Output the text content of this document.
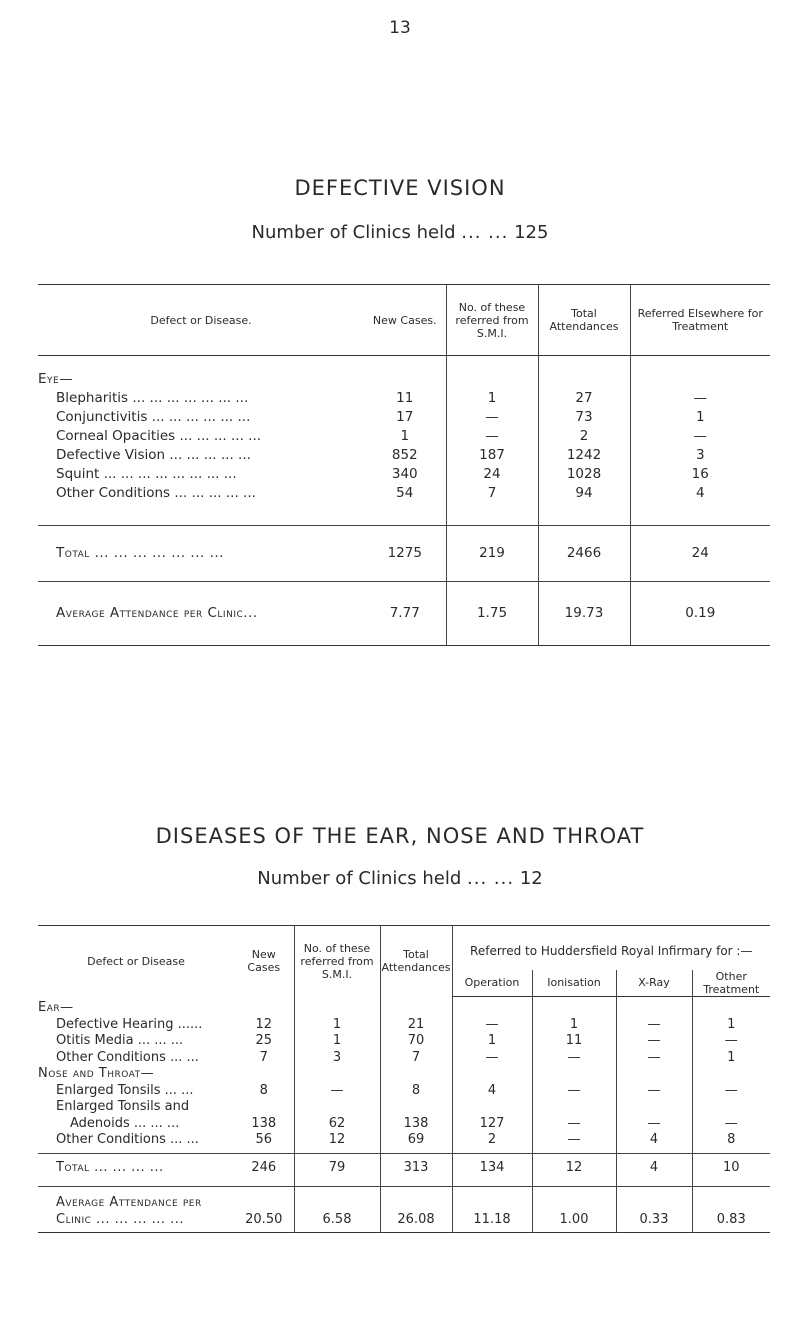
13
DEFECTIVE VISION
Number of Clinics held ... ... 125
Defect or Disease.	New Cases.	No. of these referred from S.M.I.	Total Attendances	Referred Elsewhere for Treatment
Eye—				
Blepharitis ... ... ... ... ... ... ...	11	1	27	—
Conjunctivitis ... ... ... ... ... ...	17	—	73	1
Corneal Opacities ... ... ... ... ...	1	—	2	—
Defective Vision ... ... ... ... ...	852	187	1242	3
Squint ... ... ... ... ... ... ... ...	340	24	1028	16
Other Conditions ... ... ... ... ...	54	7	94	4
Total ... ... ... ... ... ... ...	1275	219	2466	24
Average Attendance per Clinic...	7.77	1.75	19.73	0.19
DISEASES OF THE EAR, NOSE AND THROAT
Number of Clinics held ... ... 12
Defect or Disease	New Cases	No. of these referred from S.M.I.	Total Attendances	Referred to Huddersfield Royal Infirmary for :—			
				Operation	Ionisation	X-Ray	Other Treatment
Ear—							
Defective Hearing ......	12	1	21	—	1	—	1
Otitis Media ... ... ...	25	1	70	1	11	—	—
Other Conditions ... ...	7	3	7	—	—	—	1
Nose and Throat—							
Enlarged Tonsils ... ...	8	—	8	4	—	—	—
Enlarged Tonsils and							
Adenoids ... ... ...	138	62	138	127	—	—	—
Other Conditions ... ...	56	12	69	2	—	4	8
Total ... ... ... ...	246	79	313	134	12	4	10
Average Attendance per							
Clinic ... ... ... ... ...	20.50	6.58	26.08	11.18	1.00	0.33	0.83
